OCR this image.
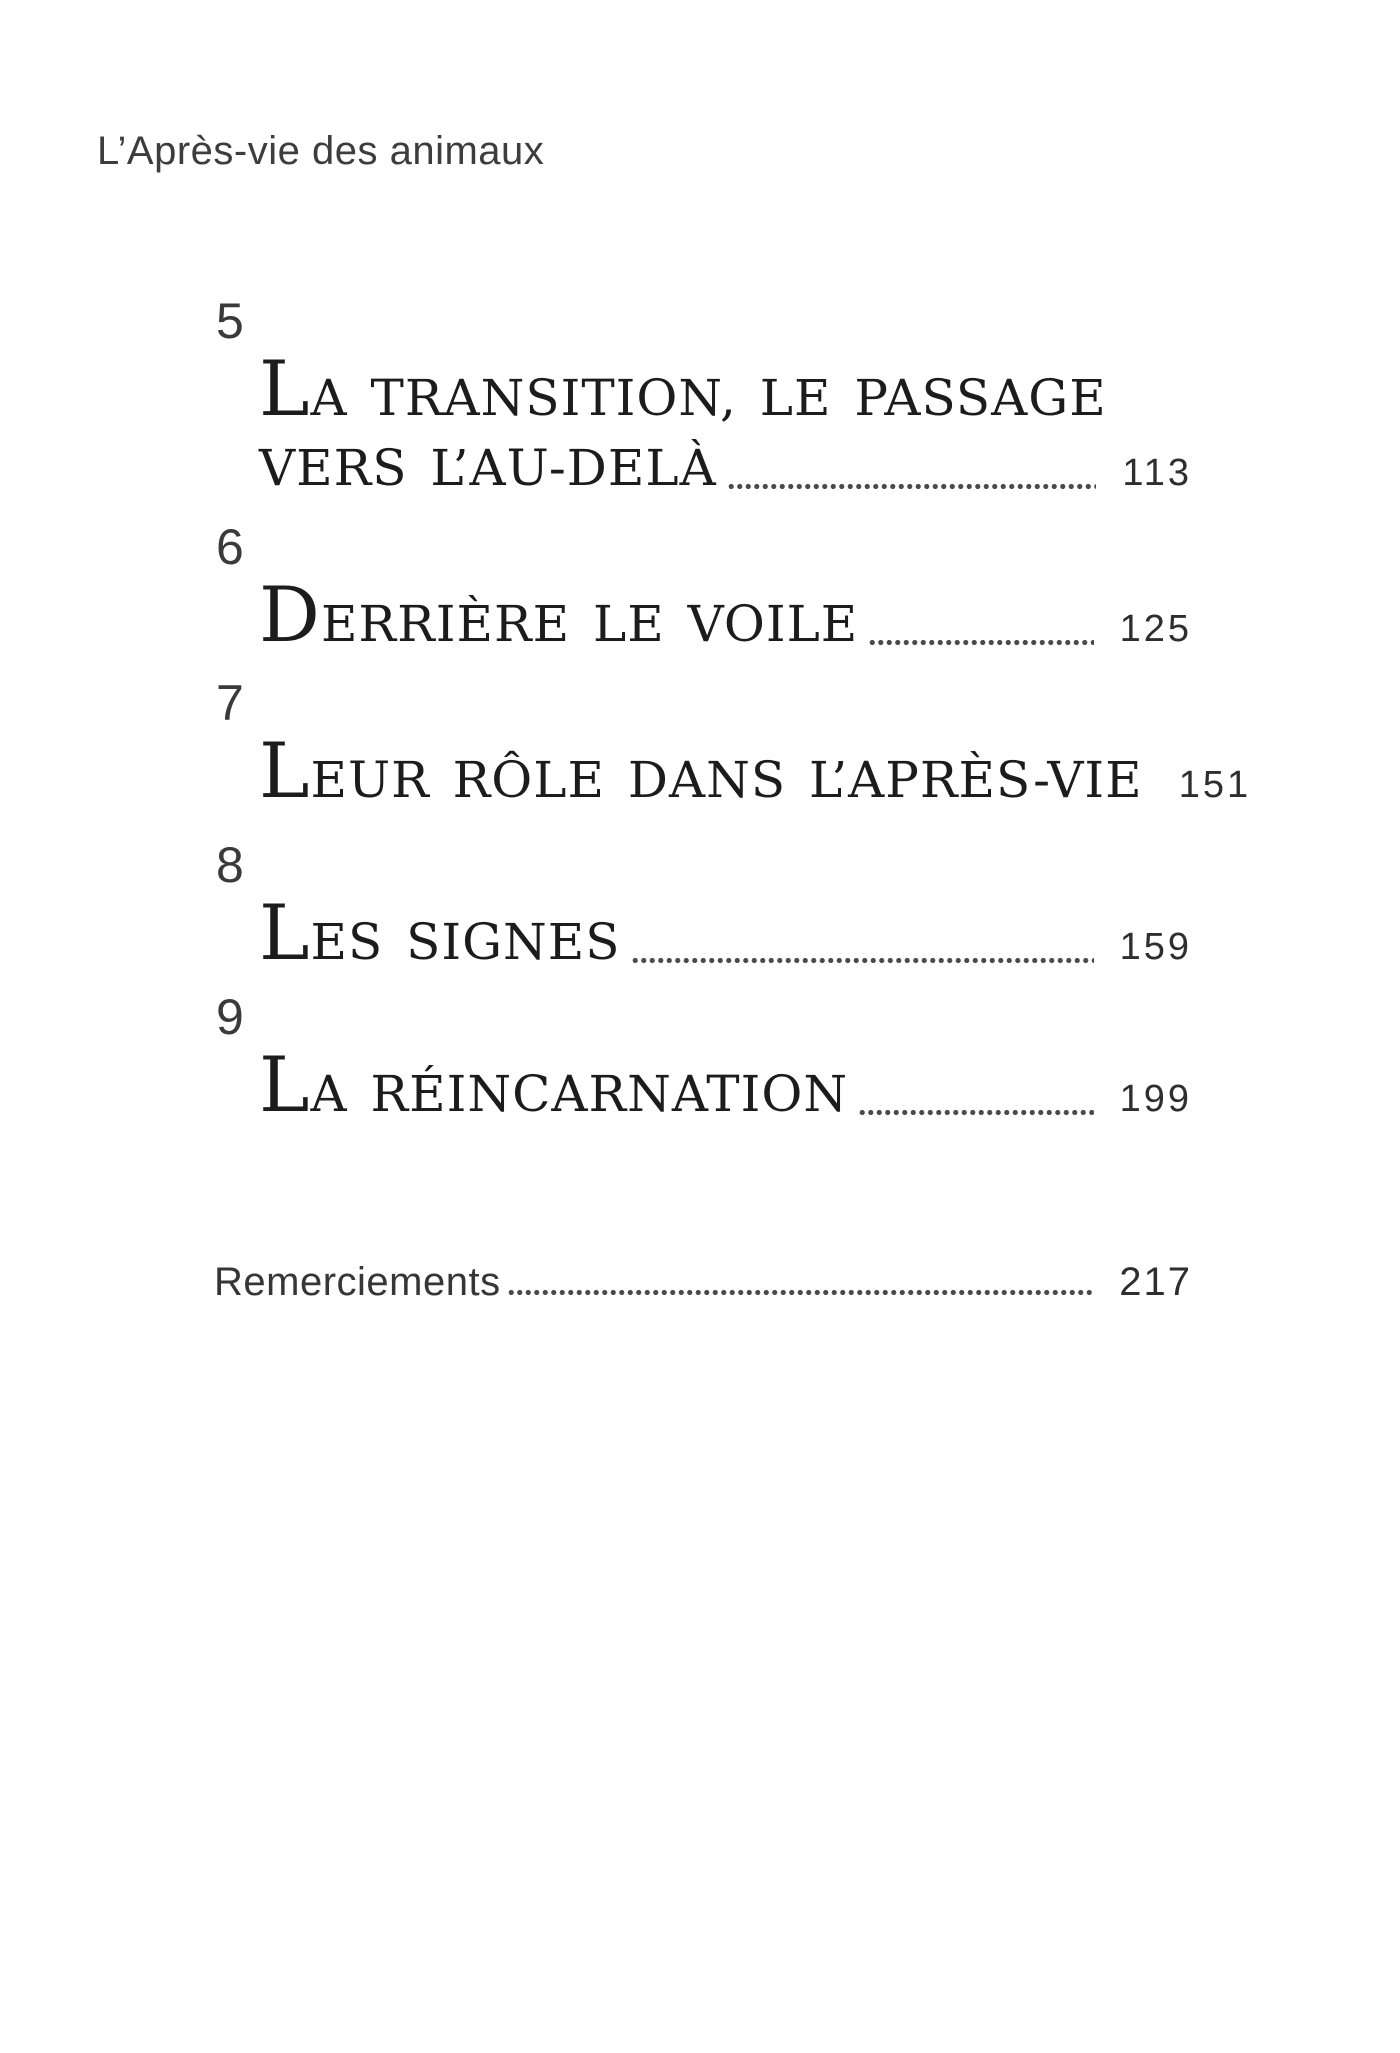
L’Après-vie des animaux
5
LA TRANSITION, LE PASSAGE
VERS L’AU-DELÀ	113
6
DERRIÈRE LE VOILE	125
7
LEUR RÔLE DANS L’APRÈS-VIE 151
8
LES SIGNES	159
9
LA RÉINCARNATION	199
Remerciements	217
